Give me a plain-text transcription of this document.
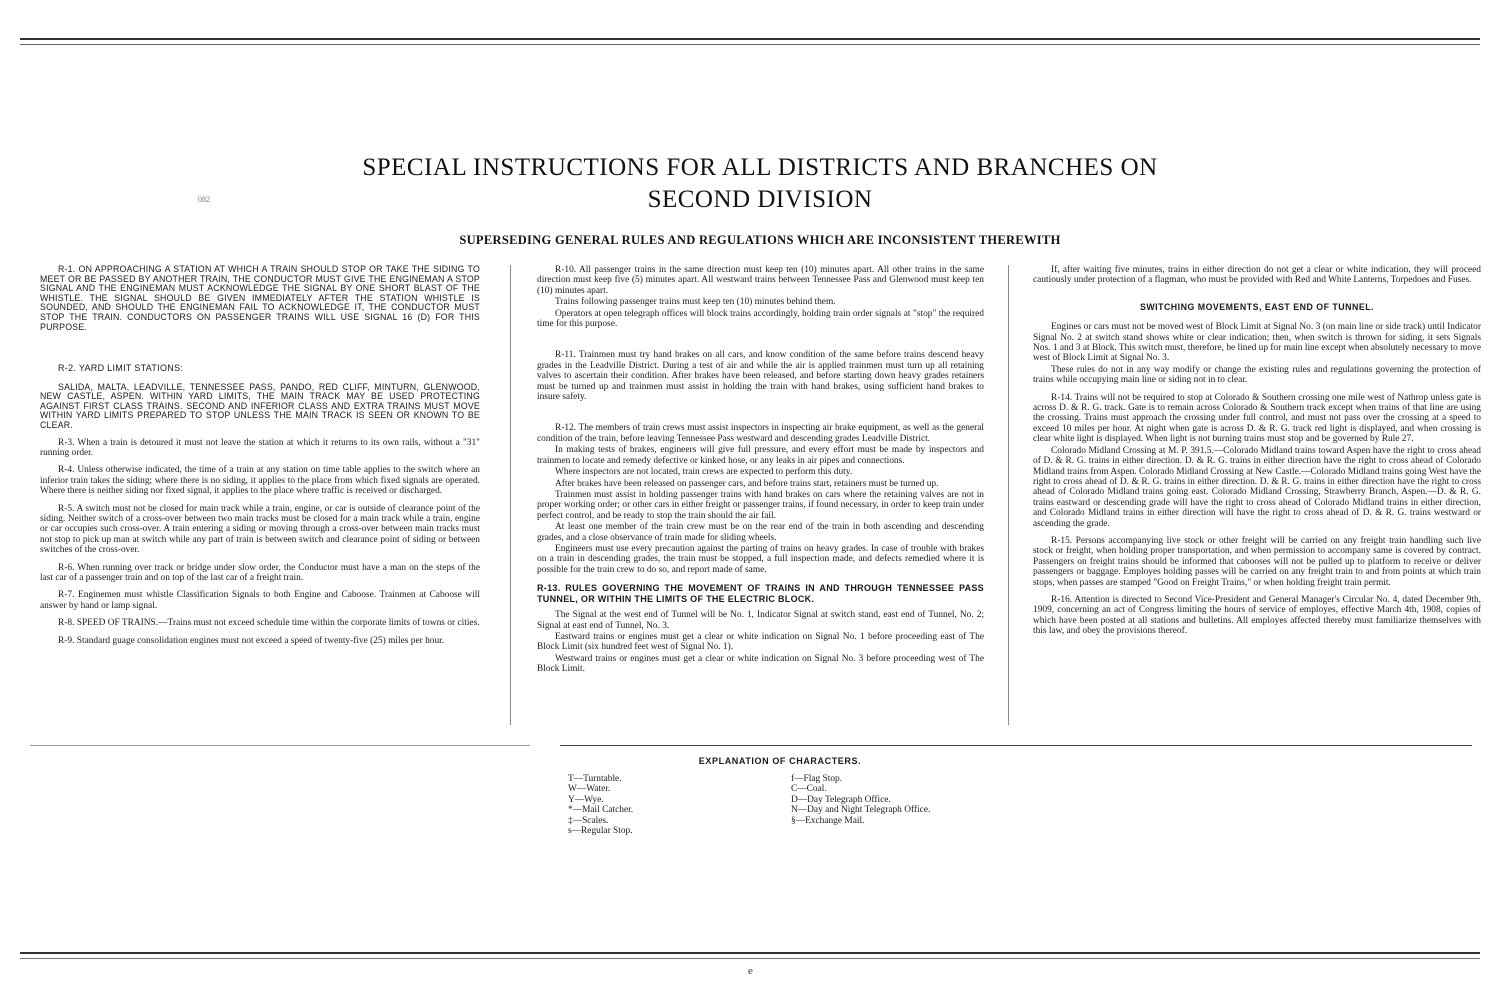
082
SPECIAL INSTRUCTIONS FOR ALL DISTRICTS AND BRANCHES ON
SECOND DIVISION
SUPERSEDING GENERAL RULES AND REGULATIONS WHICH ARE INCONSISTENT THEREWITH

R-1. ON APPROACHING A STATION AT WHICH A TRAIN SHOULD STOP OR TAKE THE SIDING TO MEET OR BE PASSED BY ANOTHER TRAIN, THE CONDUCTOR MUST GIVE THE ENGINEMAN A STOP SIGNAL AND THE ENGINEMAN MUST ACKNOWLEDGE THE SIGNAL BY ONE SHORT BLAST OF THE WHISTLE. THE SIGNAL SHOULD BE GIVEN IMMEDIATELY AFTER THE STATION WHISTLE IS SOUNDED, AND SHOULD THE ENGINEMAN FAIL TO ACKNOWLEDGE IT, THE CONDUCTOR MUST STOP THE TRAIN. CONDUCTORS ON PASSENGER TRAINS WILL USE SIGNAL 16 (D) FOR THIS PURPOSE.

R-2. YARD LIMIT STATIONS:

SALIDA, MALTA, LEADVILLE, TENNESSEE PASS, PANDO, RED CLIFF, MINTURN, GLENWOOD, NEW CASTLE, ASPEN. WITHIN YARD LIMITS, THE MAIN TRACK MAY BE USED PROTECTING AGAINST FIRST CLASS TRAINS. SECOND AND INFERIOR CLASS AND EXTRA TRAINS MUST MOVE WITHIN YARD LIMITS PREPARED TO STOP UNLESS THE MAIN TRACK IS SEEN OR KNOWN TO BE CLEAR.

R-3. When a train is detoured it must not leave the station at which it returns to its own rails, without a "31" running order.

R-4. Unless otherwise indicated, the time of a train at any station on time table applies to the switch where an inferior train takes the siding; where there is no siding, it applies to the place from which fixed signals are operated. Where there is neither siding nor fixed signal, it applies to the place where traffic is received or discharged.

R-5. A switch must not be closed for main track while a train, engine, or car is outside of clearance point of the siding. Neither switch of a cross-over between two main tracks must be closed for a main track while a train, engine or car occupies such cross-over. A train entering a siding or moving through a cross-over between main tracks must not stop to pick up man at switch while any part of train is between switch and clearance point of siding or between switches of the cross-over.

R-6. When running over track or bridge under slow order, the Conductor must have a man on the steps of the last car of a passenger train and on top of the last car of a freight train.

R-7. Enginemen must whistle Classification Signals to both Engine and Caboose. Trainmen at Caboose will answer by hand or lamp signal.

R-8. SPEED OF TRAINS.—Trains must not exceed schedule time within the corporate limits of towns or cities.

R-9. Standard guage consolidation engines must not exceed a speed of twenty-five (25) miles per hour.

R-10. All passenger trains in the same direction must keep ten (10) minutes apart. All other trains in the same direction must keep five (5) minutes apart. All westward trains between Tennessee Pass and Glenwood must keep ten (10) minutes apart.

Trains following passenger trains must keep ten (10) minutes behind them.

Operators at open telegraph offices will block trains accordingly, holding train order signals at "stop" the required time for this purpose.

R-11. Trainmen must try hand brakes on all cars, and know condition of the same before trains descend heavy grades in the Leadville District. During a test of air and while the air is applied trainmen must turn up all retaining valves to ascertain their condition. After brakes have been released, and before starting down heavy grades retainers must be turned up and trainmen must assist in holding the train with hand brakes, using sufficient hand brakes to insure safety.

R-12. The members of train crews must assist inspectors in inspecting air brake equipment, as well as the general condition of the train, before leaving Tennessee Pass westward and descending grades Leadville District.

In making tests of brakes, engineers will give full pressure, and every effort must be made by inspectors and trainmen to locate and remedy defective or kinked hose, or any leaks in air pipes and connections.

Where inspectors are not located, train crews are expected to perform this duty.

After brakes have been released on passenger cars, and before trains start, retainers must be turned up.

Trainmen must assist in holding passenger trains with hand brakes on cars where the retaining valves are not in proper working order; or other cars in either freight or passenger trains, if found necessary, in order to keep train under perfect control, and be ready to stop the train should the air fail.

At least one member of the train crew must be on the rear end of the train in both ascending and descending grades, and a close observance of train made for sliding wheels.

Engineers must use every precaution against the parting of trains on heavy grades. In case of trouble with brakes on a train in descending grades, the train must be stopped, a full inspection made, and defects remedied where it is possible for the train crew to do so, and report made of same.

R-13. RULES GOVERNING THE MOVEMENT OF TRAINS IN AND THROUGH TENNESSEE PASS TUNNEL, OR WITHIN THE LIMITS OF THE ELECTRIC BLOCK.

The Signal at the west end of Tunnel will be No. 1, Indicator Signal at switch stand, east end of Tunnel, No. 2; Signal at east end of Tunnel, No. 3.

Eastward trains or engines must get a clear or white indication on Signal No. 1 before proceeding east of The Block Limit (six hundred feet west of Signal No. 1).

Westward trains or engines must get a clear or white indication on Signal No. 3 before proceeding west of The Block Limit.

If, after waiting five minutes, trains in either direction do not get a clear or white indication, they will proceed cautiously under protection of a flagman, who must be provided with Red and White Lanterns, Torpedoes and Fuses.

SWITCHING MOVEMENTS, EAST END OF TUNNEL.

Engines or cars must not be moved west of Block Limit at Signal No. 3 (on main line or side track) until Indicator Signal No. 2 at switch stand shows white or clear indication; then, when switch is thrown for siding, it sets Signals Nos. 1 and 3 at Block. This switch must, therefore, be lined up for main line except when absolutely necessary to move west of Block Limit at Signal No. 3.

These rules do not in any way modify or change the existing rules and regulations governing the protection of trains while occupying main line or siding not in to clear.

R-14. Trains will not be required to stop at Colorado & Southern crossing one mile west of Nathrop unless gate is across D. & R. G. track. Gate is to remain across Colorado & Southern track except when trains of that line are using the crossing. Trains must approach the crossing under full control, and must not pass over the crossing at a speed to exceed 10 miles per hour. At night when gate is across D. & R. G. track red light is displayed, and when crossing is clear white light is displayed. When light is not burning trains must stop and be governed by Rule 27.

Colorado Midland Crossing at M. P. 391.5.—Colorado Midland trains toward Aspen have the right to cross ahead of D. & R. G. trains in either direction. D. & R. G. trains in either direction have the right to cross ahead of Colorado Midland trains from Aspen. Colorado Midland Crossing at New Castle.—Colorado Midland trains going West have the right to cross ahead of D. & R. G. trains in either direction. D. & R. G. trains in either direction have the right to cross ahead of Colorado Midland trains going east. Colorado Midland Crossing, Strawberry Branch, Aspen.—D. & R. G. trains eastward or descending grade will have the right to cross ahead of Colorado Midland trains in either direction, and Colorado Midland trains in either direction will have the right to cross ahead of D. & R. G. trains westward or ascending the grade.

R-15. Persons accompanying live stock or other freight will be carried on any freight train handling such live stock or freight, when holding proper transportation, and when permission to accompany same is covered by contract. Passengers on freight trains should be informed that cabooses will not be pulled up to platform to receive or deliver passengers or baggage. Employes holding passes will be carried on any freight train to and from points at which train stops, when passes are stamped "Good on Freight Trains," or when holding freight train permit.

R-16. Attention is directed to Second Vice-President and General Manager's Circular No. 4, dated December 9th, 1909, concerning an act of Congress limiting the hours of service of employes, effective March 4th, 1908, copies of which have been posted at all stations and bulletins. All employes affected thereby must familiarize themselves with this law, and obey the provisions thereof.

EXPLANATION OF CHARACTERS.
T—Turntable.
W—Water.
Y—Wye.
*—Mail Catcher.
‡—Scales.
s—Regular Stop.
f—Flag Stop.
C—Coal.
D—Day Telegraph Office.
N—Day and Night Telegraph Office.
§—Exchange Mail.
e
